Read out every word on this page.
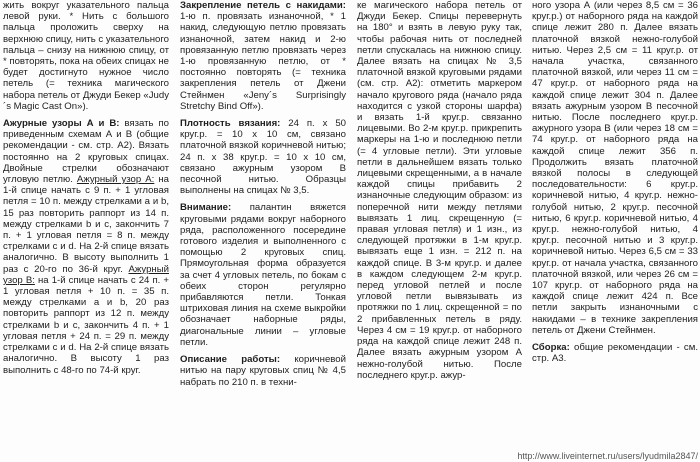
жить вокруг указательного пальца левой руки. * Нить с большого пальца проложить сверху на верхнюю спицу, нить с указательного пальца – снизу на нижнюю спицу, от * повторять, пока на обеих спицах не будет достигнуто нужное число петель (= техника магического набора петель от Джуди Бекер «Judy´s Magic Cast On»).

Ажурные узоры А и В: вязать по приведенным схемам А и В (общие рекомендации - см. стр. А2). Вязать постоянно на 2 круговых спицах. Двойные стрелки обозначают угловую петлю. Ажурный узор А: на 1-й спице начать с 9 п. + 1 угловая петля = 10 п. между стрелками a и b, 15 раз повторить раппорт из 14 п. между стрелками b и c, закончить 7 п. + 1 угловая петля = 8 п. между стрелками c и d. На 2-й спице вязать аналогично. В высоту выполнить 1 раз с 20-го по 36-й круг. Ажурный узор В: на 1-й спице начать с 24 п. + 1 угловая петля + 10 п. = 35 п. между стрелками a и b, 20 раз повторить раппорт из 12 п. между стрелками b и c, закончить 4 п. + 1 угловая петля + 24 п. = 29 п. между стрелками c и d. На 2-й спице вязать аналогично. В высоту 1 раз выполнить с 48-го по 74-й круг.

Закрепление петель с накидами: 1-ю п. провязать изнаночной, * 1 накид, следующую петлю провязать изнаночной, затем накид и 2-ю провязанную петлю провязать через 1-ю провязанную петлю, от * постоянно повторять (= техника закрепления петель от Джени Стейнмен «Jeny´s Surprisingly Stretchy Bind Off»).

Плотность вязания: 24 п. х 50 круг.р. = 10 х 10 см, связано платочной вязкой коричневой нитью; 24 п. х 38 круг.р. = 10 х 10 см, связано ажурным узором В песочной нитью. Образцы выполнены на спицах № 3,5.

Внимание: палантин вяжется круговыми рядами вокруг наборного ряда, расположенного посередине готового изделия и выполненного с помощью 2 круговых спиц. Прямоугольная форма образуется за счет 4 угловых петель, по бокам с обеих сторон регулярно прибавляются петли. Тонкая штриховая линия на схеме выкройки обозначает наборные ряды, диагональные линии – угловые петли.

Описание работы: коричневой нитью на пару круговых спиц № 4,5 набрать по 210 п. в техни-

ке магического набора петель от Джуди Бекер. Спицы перевернуть на 180° и взять в левую руку так, чтобы рабочая нить от последней петли спускалась на нижнюю спицу. Далее вязать на спицах № 3,5 платочной вязкой круговыми рядами (см. стр. А2): отметить маркером начало кругового ряда (начало ряда находится с узкой стороны шарфа) и вязать 1-й круг.р. связанно лицевыми. Во 2-м круг.р. прикрепить маркеры на 1-ю и последнюю петли (= 4 угловые петли). Эти угловые петли в дальнейшем вязать только лицевыми скрещенными, а в начале каждой спицы прибавить 2 изнаночные следующим образом: из поперечной нити между петлями вывязать 1 лиц. скрещенную (= правая угловая петля) и 1 изн., из следующей протяжки в 1-м круг.р. вывязать еще 1 изн. = 212 п. на каждой спице. В 3-м круг.р. и далее в каждом следующем 2-м круг.р. перед угловой петлей и после угловой петли вывязывать из протяжки по 1 лиц. скрещенной = по 2 прибавленных петель в ряду. Через 4 см = 19 круг.р. от наборного ряда на каждой спице лежит 248 п. Далее вязать ажурным узором А нежно-голубой нитью. После последнего круг.р. ажур-

ного узора А (или через 8,5 см = 36 круг.р.) от наборного ряда на каждой спице лежит 280 п. Далее вязать платочной вязкой нежно-голубой нитью. Через 2,5 см = 11 круг.р. от начала участка, связанного платочной вязкой, или через 11 см = 47 круг.р. от наборного ряда на каждой спице лежит 304 п. Далее вязать ажурным узором В песочной нитью. После последнего круг.р. ажурного узора В (или через 18 см = 74 круг.р. от наборного ряда на каждой спице лежит 356 п. Продолжить вязать платочной вязкой полосы в следующей последовательности: 6 круг.р. коричневой нитью, 4 круг.р. нежно-голубой нитью, 2 круг.р. песочной нитью, 6 круг.р. коричневой нитью, 4 круг.р. нежно-голубой нитью, 4 круг.р. песочной нитью и 3 круг.р. коричневой нитью. Через 6,5 см = 33 круг.р. от начала участка, связанного платочной вязкой, или через 26 см = 107 круг.р. от наборного ряда на каждой спице лежит 424 п. Все петли закрыть изнаночными с накидами – в технике закрепления петель от Джени Стейнмен.

Сборка: общие рекомендации - см. стр. А3.

http://www.liveinternet.ru/users/lyudmila2847/
